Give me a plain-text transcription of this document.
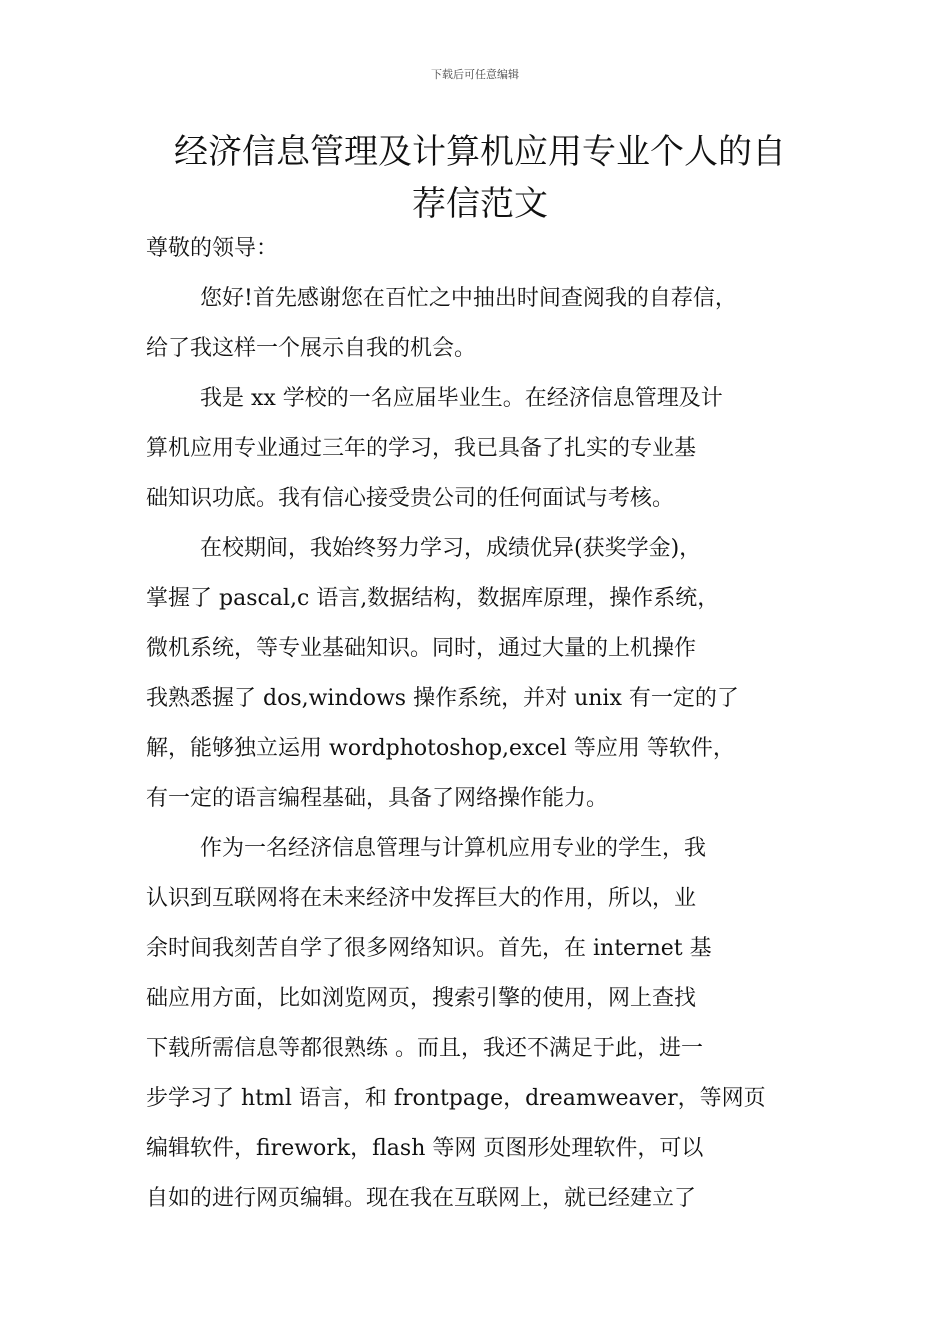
下载后可任意编辑
经济信息管理及计算机应用专业个人的自
荐信范文
尊敬的领导：
您好!首先感谢您在百忙之中抽出时间查阅我的自荐信，
给了我这样一个展示自我的机会。
我是 xx 学校的一名应届毕业生。在经济信息管理及计
算机应用专业通过三年的学习，我已具备了扎实的专业基
础知识功底。我有信心接受贵公司的任何面试与考核。
在校期间，我始终努力学习，成绩优异(获奖学金)，
掌握了 pascal,c 语言,数据结构，数据库原理，操作系统，
微机系统，等专业基础知识。同时，通过大量的上机操作
我熟悉握了 dos,windows 操作系统，并对 unix 有一定的了
解，能够独立运用 wordphotoshop,excel 等应用 等软件，
有一定的语言编程基础，具备了网络操作能力。
作为一名经济信息管理与计算机应用专业的学生，我
认识到互联网将在未来经济中发挥巨大的作用，所以，业
余时间我刻苦自学了很多网络知识。首先，在 internet 基
础应用方面，比如浏览网页，搜索引擎的使用，网上查找
下载所需信息等都很熟练 。而且，我还不满足于此，进一
步学习了 html 语言，和 frontpage，dreamweaver，等网页
编辑软件，firework，flash 等网 页图形处理软件，可以
自如的进行网页编辑。现在我在互联网上，就已经建立了
